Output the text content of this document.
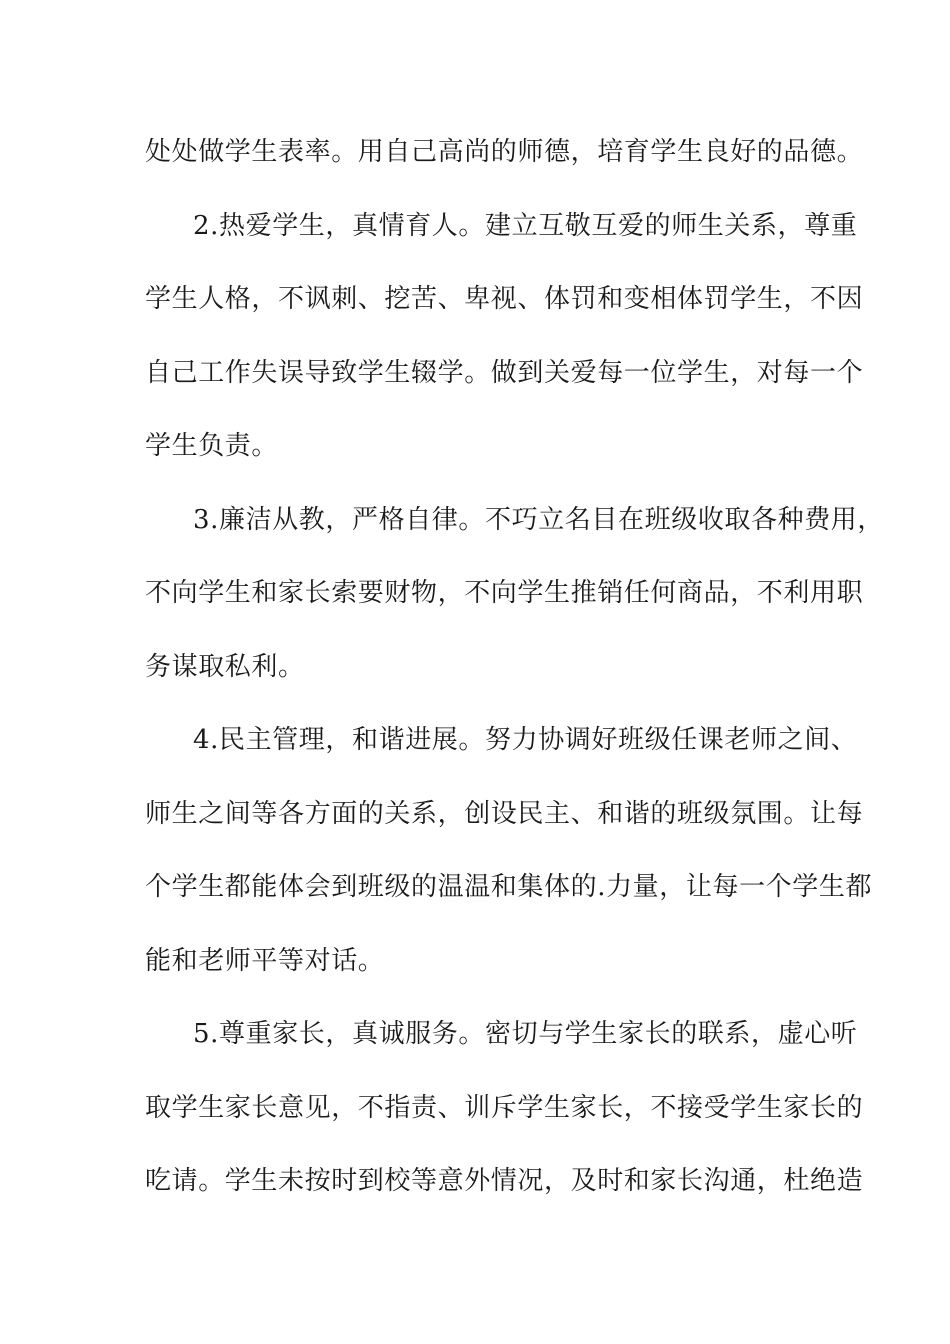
处处做学生表率。用自己高尚的师德，培育学生良好的品德。
2.热爱学生，真情育人。建立互敬互爱的师生关系，尊重
学生人格，不讽刺、挖苦、卑视、体罚和变相体罚学生，不因
自己工作失误导致学生辍学。做到关爱每一位学生，对每一个
学生负责。
3.廉洁从教，严格自律。不巧立名目在班级收取各种费用，
不向学生和家长索要财物，不向学生推销任何商品，不利用职
务谋取私利。
4.民主管理，和谐进展。努力协调好班级任课老师之间、
师生之间等各方面的关系，创设民主、和谐的班级氛围。让每
个学生都能体会到班级的温温和集体的.力量，让每一个学生都
能和老师平等对话。
5.尊重家长，真诚服务。密切与学生家长的联系，虚心听
取学生家长意见，不指责、训斥学生家长，不接受学生家长的
吃请。学生未按时到校等意外情况，及时和家长沟通，杜绝造
